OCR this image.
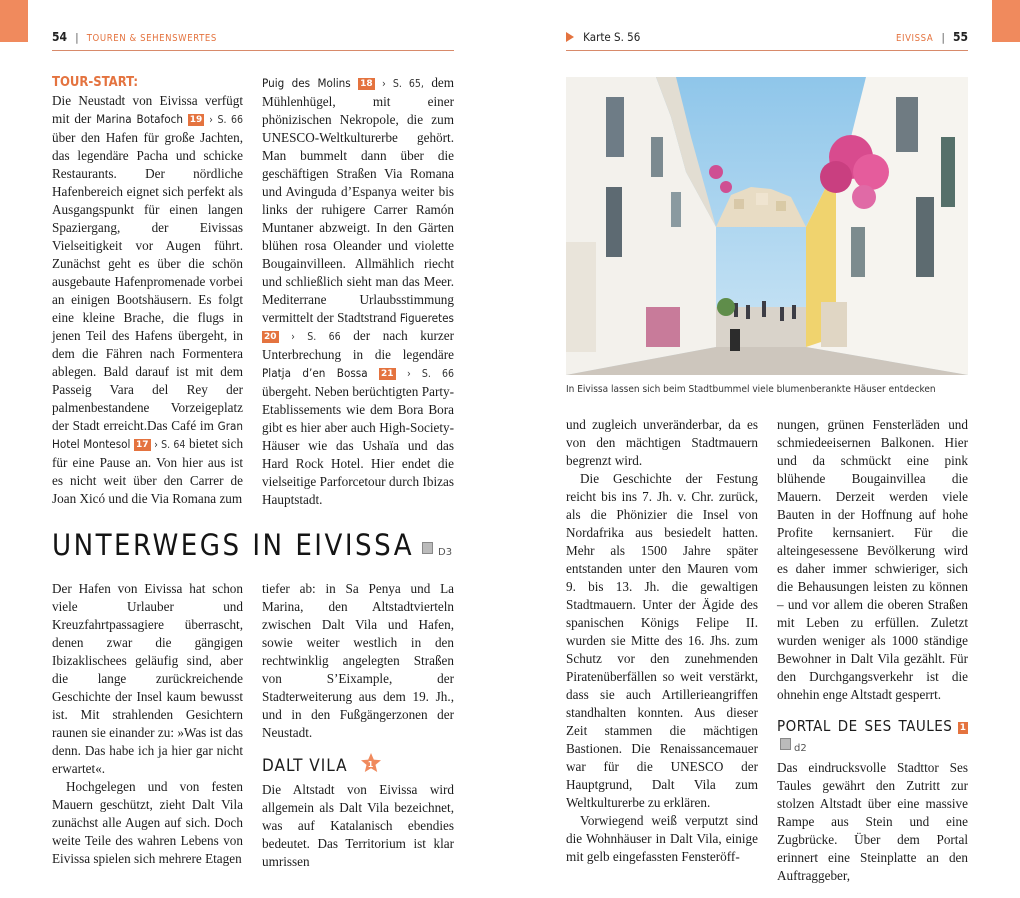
54 | TOUREN & SEHENSWERTES	Karte S. 56	EIVISSA | 55
TOUR-START:

Die Neustadt von Eivissa verfügt mit der Marina Botafoch 19 › S. 66 über den Hafen für große Jachten, das legendäre Pacha und schicke Restaurants. Der nördliche Hafenbereich eignet sich perfekt als Ausgangspunkt für einen langen Spaziergang, der Eivissas Vielseitigkeit vor Augen führt. Zunächst geht es über die schön ausgebaute Hafenpromenade vorbei an einigen Bootshäusern. Es folgt eine kleine Brache, die flugs in jenen Teil des Hafens übergeht, in dem die Fähren nach Formentera ablegen. Bald darauf ist mit dem Passeig Vara del Rey der palmenbestandene Vorzeigeplatz der Stadt erreicht.Das Café im Gran Hotel Montesol 17 › S. 64 bietet sich für eine Pause an. Von hier aus ist es nicht weit über den Carrer de Joan Xicó und die Via Romana zum

Puig des Molins 18 › S. 65, dem Mühlenhügel, mit einer phönizischen Nekropole, die zum UNESCO-Weltkulturerbe gehört. Man bummelt dann über die geschäftigen Straßen Via Romana und Avinguda d’Espanya weiter bis links der ruhigere Carrer Ramón Muntaner abzweigt. In den Gärten blühen rosa Oleander und violette Bougainvilleen. Allmählich riecht und schließlich sieht man das Meer. Mediterrane Urlaubsstimmung vermittelt der Stadtstrand Figueretes 20 › S. 66 der nach kurzer Unterbrechung in die legendäre Platja d’en Bossa 21 › S. 66 übergeht. Neben berüchtigten Party-Etablissements wie dem Bora Bora gibt es hier aber auch High-Society-Häuser wie das Ushaïa und das Hard Rock Hotel. Hier endet die vielseitige Parforcetour durch Ibizas Hauptstadt.

UNTERWEGS IN EIVISSA D3

Der Hafen von Eivissa hat schon viele Urlauber und Kreuzfahrtpassagiere überrascht, denen zwar die gängigen Ibizaklischees geläufig sind, aber die lange zurückreichende Geschichte der Insel kaum bewusst ist. Mit strahlenden Gesichtern raunen sie einander zu: »Was ist das denn. Das habe ich ja hier gar nicht erwartet«.

Hochgelegen und von festen Mauern geschützt, zieht Dalt Vila zunächst alle Augen auf sich. Doch weite Teile des wahren Lebens von Eivissa spielen sich mehrere Etagen

tiefer ab: in Sa Penya und La Marina, den Altstadtvierteln zwischen Dalt Vila und Hafen, sowie weiter westlich in den rechtwinklig angelegten Straßen von S’Eixample, der Stadterweiterung aus dem 19. Jh., und in den Fußgängerzonen der Neustadt.

DALT VILA 1

Die Altstadt von Eivissa wird allgemein als Dalt Vila bezeichnet, was auf Katalanisch ebendies bedeutet. Das Territorium ist klar umrissen

In Eivissa lassen sich beim Stadtbummel viele blumenberankte Häuser entdecken

und zugleich unveränderbar, da es von den mächtigen Stadtmauern begrenzt wird.

Die Geschichte der Festung reicht bis ins 7. Jh. v. Chr. zurück, als die Phönizier die Insel von Nordafrika aus besiedelt hatten. Mehr als 1500 Jahre später entstanden unter den Mauren vom 9. bis 13. Jh. die gewaltigen Stadtmauern. Unter der Ägide des spanischen Königs Felipe II. wurden sie Mitte des 16. Jhs. zum Schutz vor den zunehmenden Piratenüberfällen so weit verstärkt, dass sie auch Artillerieangriffen standhalten konnten. Aus dieser Zeit stammen die mächtigen Bastionen. Die Renaissancemauer war für die UNESCO der Hauptgrund, Dalt Vila zum Weltkulturerbe zu erklären.

Vorwiegend weiß verputzt sind die Wohnhäuser in Dalt Vila, einige mit gelb eingefassten Fensteröff-

nungen, grünen Fensterläden und schmiedeeisernen Balkonen. Hier und da schmückt eine pink blühende Bougainvillea die Mauern. Derzeit werden viele Bauten in der Hoffnung auf hohe Profite kernsaniert. Für die alteingesessene Bevölkerung wird es daher immer schwieriger, sich die Behausungen leisten zu können – und vor allem die oberen Straßen mit Leben zu erfüllen. Zuletzt wurden weniger als 1000 ständige Bewohner in Dalt Vila gezählt. Für den Durchgangsverkehr ist die ohnehin enge Altstadt gesperrt.

PORTAL DE SES TAULES 1 d2

Das eindrucksvolle Stadttor Ses Taules gewährt den Zutritt zur stolzen Altstadt über eine massive Rampe aus Stein und eine Zugbrücke. Über dem Portal erinnert eine Steinplatte an den Auftraggeber,
